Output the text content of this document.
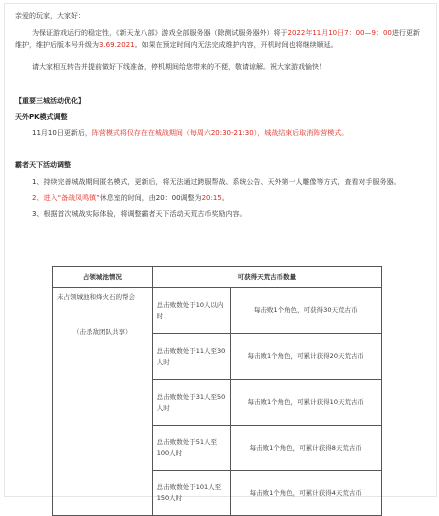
亲爱的玩家，大家好：

为保证游戏运行的稳定性，《新天龙八部》游戏全部服务器（除测试服务器外）将于2022年11月10日7：00—9：00进行更新维护，维护后版本号升级为3.69.2021。如果在预定时间内无法完成维护内容，开机时间也将继续顺延。

请大家相互转告并提前做好下线准备，停机期间给您带来的不便，敬请谅解。祝大家游戏愉快！

【重要三城活动优化】

天外PK模式调整

11月10日更新后，阵营模式将仅存在在城战期间（每周六20:30-21:30），城战结束后取消阵营模式。

霸者天下活动调整

1、持续完善城战期间匿名模式，更新后，将无法通过跨服帮战、系统公告、天外第一人雕像等方式，查看对手服务器。

2、进入“备战凤鸣镇”休息室的时间，由20：00调整为20:15。

3、根据首次城战实际体验，将调整霸者天下活动天荒古币奖励内容。

占领城池情况	可获得天荒古币数量	

未占领城池和烽火石的帮会
（击杀敌团队共享）	总击败数处于10人以内时	每击败1个角色，可获得30天荒古币
	总击败数处于11人至30人时	每击败1个角色，可累计获得20天荒古币
	总击败数处于31人至50人时	每击败1个角色，可累计获得10天荒古币
	总击败数处于51人至100人时	每击败1个角色，可累计获得8天荒古币
	总击败数处于101人至150人时	每击败1个角色，可累计获得4天荒古币
